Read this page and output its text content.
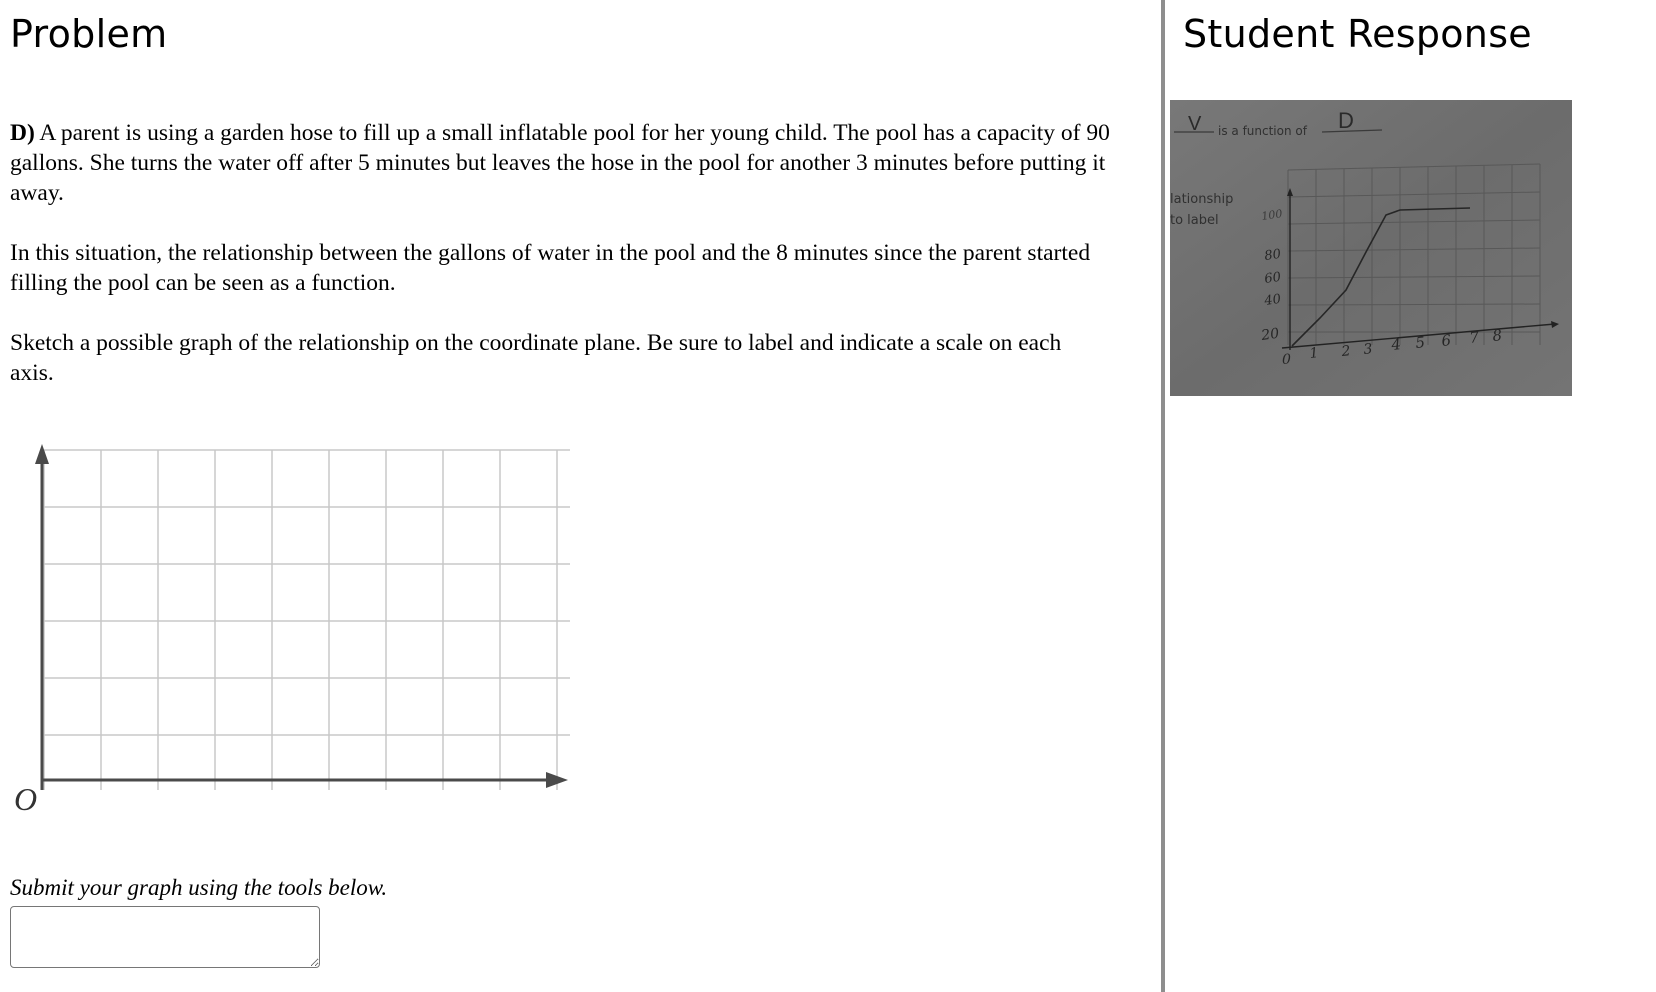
Problem

D) A parent is using a garden hose to fill up a small inflatable pool for her young child. The pool has a capacity of 90 gallons. She turns the water off after 5 minutes but leaves the hose in the pool for another 3 minutes before putting it away.

In this situation, the relationship between the gallons of water in the pool and the 8 minutes since the parent started filling the pool can be seen as a function.

Sketch a possible graph of the relationship on the coordinate plane. Be sure to label and indicate a scale on each axis.

O
Submit your graph using the tools below.
Student Response
V is a function of D
lationship
to label
20
40
60
80
100
0 1 2 3 4 5 6 7 8
